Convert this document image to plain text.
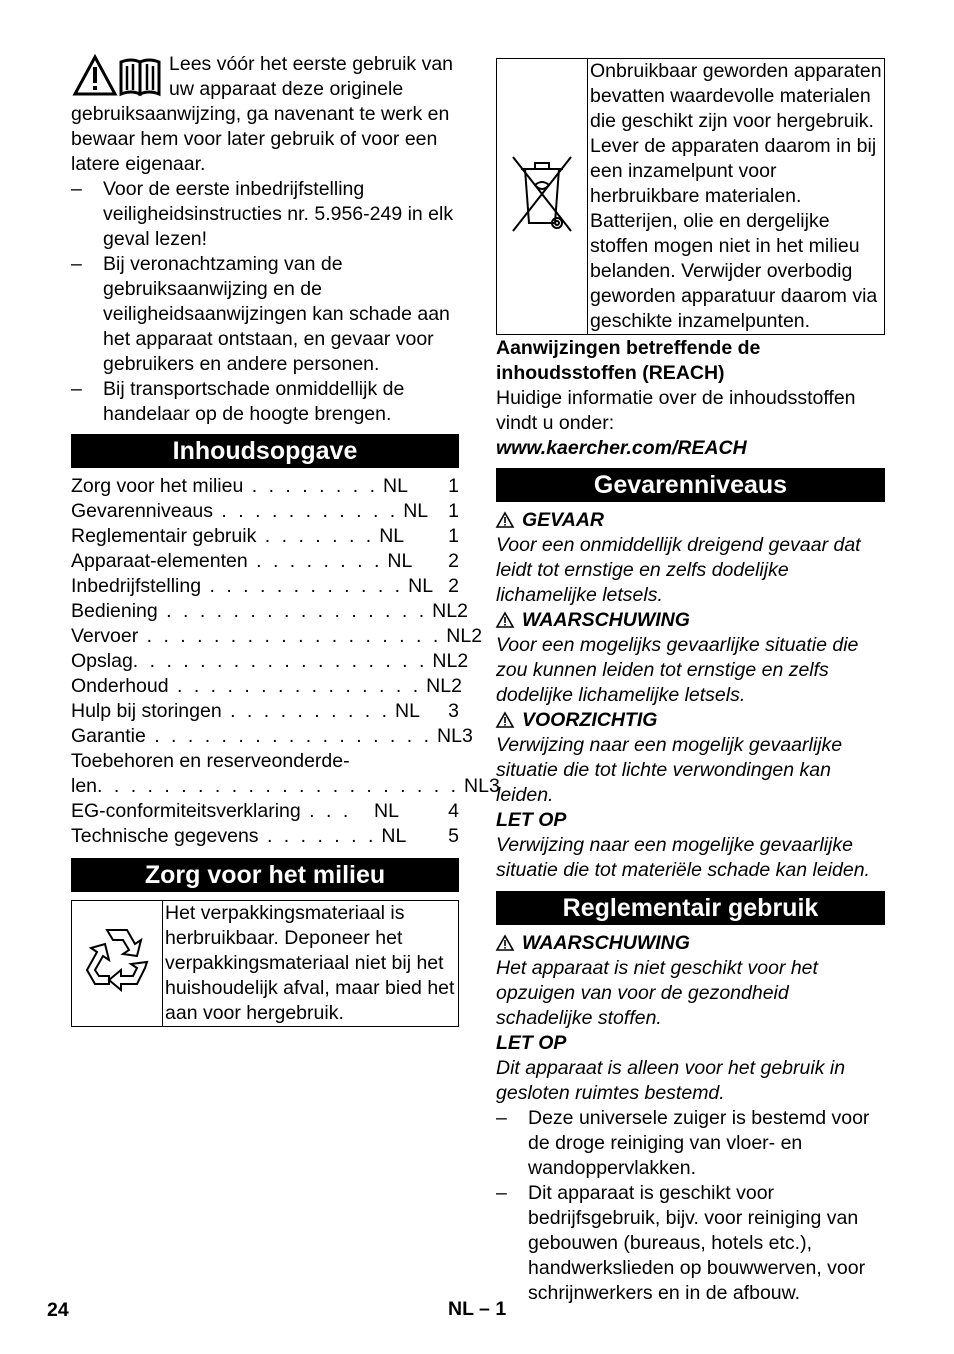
Lees vóór het eerste gebruik van uw apparaat deze originele gebruiksaanwijzing, ga navenant te werk en bewaar hem voor later gebruik of voor een latere eigenaar.

– Voor de eerste inbedrijfstelling veiligheidsinstructies nr. 5.956-249 in elk geval lezen!
– Bij veronachtzaming van de gebruiksaanwijzing en de veiligheidsaanwijzingen kan schade aan het apparaat ontstaan, en gevaar voor gebruikers en andere personen.
– Bij transportschade onmiddellijk de handelaar op de hoogte brengen.
Inhoudsopgave
Zorg voor het milieu . . . . . . . . NL	1
Gevarenniveaus . . . . . . . . . . . NL	1
Reglementair gebruik . . . . . . . NL	1
Apparaat-elementen . . . . . . . . NL	2
Inbedrijfstelling . . . . . . . . . . . . NL 2
Bediening . . . . . . . . . . . . . . . . NL 2
Vervoer . . . . . . . . . . . . . . . . . . NL 2
Opslag. . . . . . . . . . . . . . . . . . NL 2
Onderhoud . . . . . . . . . . . . . . . NL 2
Hulp bij storingen . . . . . . . . . . NL	3
Garantie . . . . . . . . . . . . . . . . . NL 3
Toebehoren en reserveonderde-
len. . . . . . . . . . . . . . . . . . . . . . NL 3
EG-conformiteitsverklaring . . .	NL	4
Technische gegevens . . . . . . . NL	5
Zorg voor het milieu
	Het verpakkingsmateriaal is herbruikbaar. Deponeer het verpakkingsmateriaal niet bij het huishoudelijk afval, maar bied het aan voor hergebruik.
	Onbruikbaar geworden apparaten bevatten waardevolle materialen die geschikt zijn voor hergebruik. Lever de apparaten daarom in bij een inzamelpunt voor herbruikbare materialen. Batterijen, olie en dergelijke stoffen mogen niet in het milieu belanden. Verwijder overbodig geworden apparatuur daarom via geschikte inzamelpunten.

Aanwijzingen betreffende de inhoudsstoffen (REACH)

Huidige informatie over de inhoudsstoffen vindt u onder:

www.kaercher.com/REACH

Gevarenniveaus

GEVAAR

Voor een onmiddellijk dreigend gevaar dat leidt tot ernstige en zelfs dodelijke lichamelijke letsels.

WAARSCHUWING

Voor een mogelijks gevaarlijke situatie die zou kunnen leiden tot ernstige en zelfs dodelijke lichamelijke letsels.

VOORZICHTIG

Verwijzing naar een mogelijk gevaarlijke situatie die tot lichte verwondingen kan leiden.

LET OP

Verwijzing naar een mogelijke gevaarlijke situatie die tot materiële schade kan leiden.

Reglementair gebruik

WAARSCHUWING

Het apparaat is niet geschikt voor het opzuigen van voor de gezondheid schadelijke stoffen.

LET OP

Dit apparaat is alleen voor het gebruik in gesloten ruimtes bestemd.

– Deze universele zuiger is bestemd voor de droge reiniging van vloer- en wandoppervlakken.
– Dit apparaat is geschikt voor bedrijfsgebruik, bijv. voor reiniging van gebouwen (bureaus, hotels etc.), handwerkslieden op bouwwerven, voor schrijnwerkers en in de afbouw.
24	NL – 1
